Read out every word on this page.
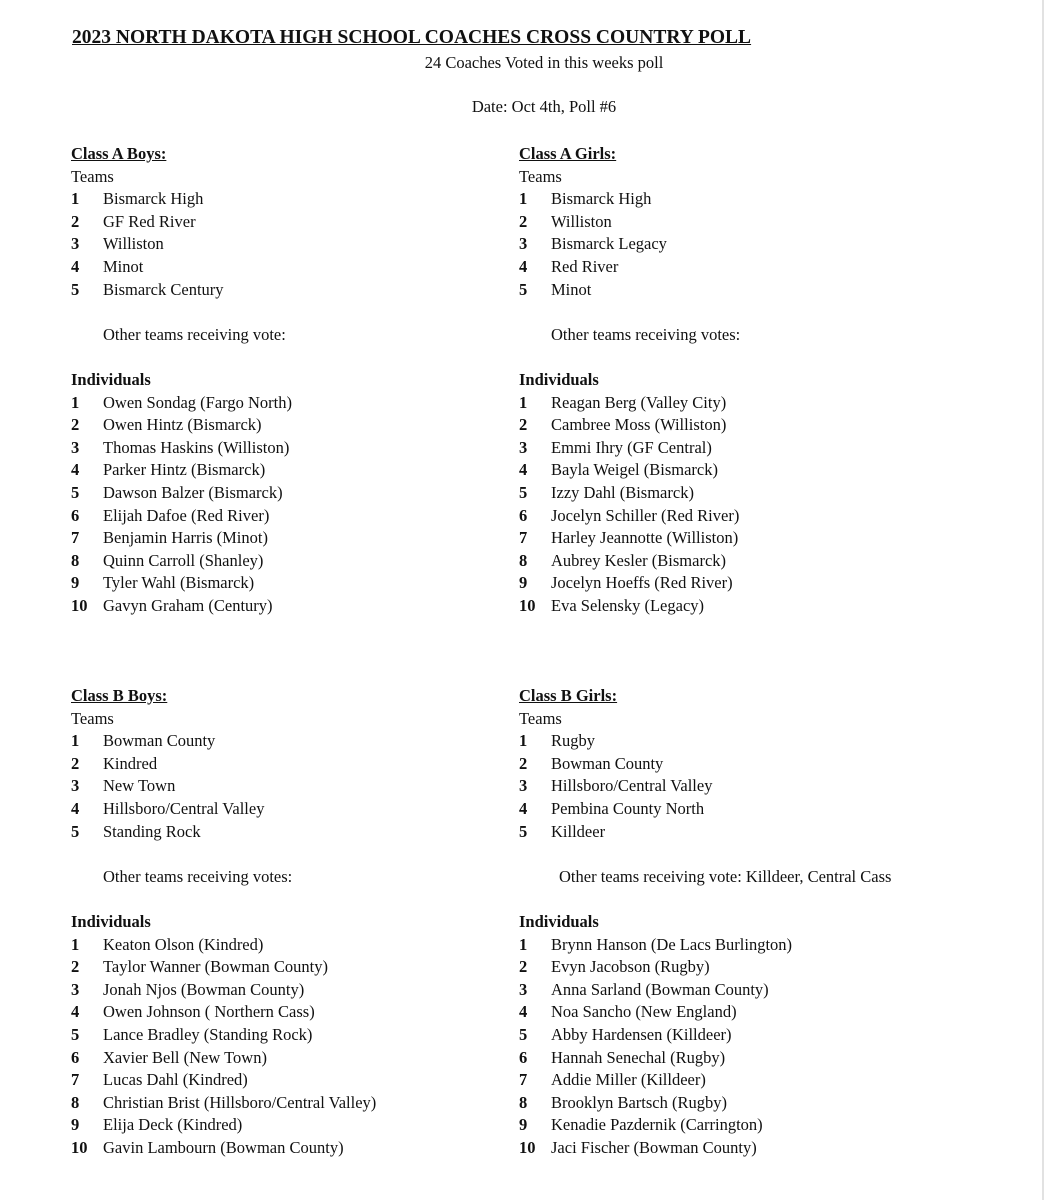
2023 NORTH DAKOTA HIGH SCHOOL COACHES CROSS COUNTRY POLL
24 Coaches Voted in this weeks poll
Date: Oct 4th, Poll #6
Class A Boys:
Teams
1	Bismarck High
2	GF Red River
3	Williston
4	Minot
5	Bismarck Century
Other teams receiving vote:
Individuals
1	Owen Sondag (Fargo North)
2	Owen Hintz (Bismarck)
3	Thomas Haskins (Williston)
4	Parker Hintz (Bismarck)
5	Dawson Balzer (Bismarck)
6	Elijah Dafoe (Red River)
7	Benjamin Harris (Minot)
8	Quinn Carroll (Shanley)
9	Tyler Wahl (Bismarck)
10 Gavyn Graham (Century)
Class A Girls:
Teams
1	Bismarck High
2	Williston
3	Bismarck Legacy
4	Red River
5	Minot
Other teams receiving votes:
Individuals
1	Reagan Berg (Valley City)
2	Cambree Moss (Williston)
3	Emmi Ihry (GF Central)
4	Bayla Weigel (Bismarck)
5	Izzy Dahl (Bismarck)
6	Jocelyn Schiller (Red River)
7	Harley Jeannotte (Williston)
8	Aubrey Kesler (Bismarck)
9	Jocelyn Hoeffs (Red River)
10 Eva Selensky (Legacy)
Class B Boys:
Teams
1	Bowman County
2	Kindred
3	New Town
4	Hillsboro/Central Valley
5	Standing Rock
Other teams receiving votes:
Individuals
1	Keaton Olson (Kindred)
2	Taylor Wanner (Bowman County)
3	Jonah Njos (Bowman County)
4	Owen Johnson ( Northern Cass)
5	Lance Bradley (Standing Rock)
6	Xavier Bell (New Town)
7	Lucas Dahl (Kindred)
8	Christian Brist (Hillsboro/Central Valley)
9	Elija Deck (Kindred)
10 Gavin Lambourn (Bowman County)
Class B Girls:
Teams
1	Rugby
2	Bowman County
3	Hillsboro/Central Valley
4	Pembina County North
5	Killdeer
Other teams receiving vote: Killdeer, Central Cass
Individuals
1	Brynn Hanson (De Lacs Burlington)
2	Evyn Jacobson (Rugby)
3	Anna Sarland (Bowman County)
4	Noa Sancho (New England)
5	Abby Hardensen (Killdeer)
6	Hannah Senechal (Rugby)
7	Addie Miller (Killdeer)
8	Brooklyn Bartsch (Rugby)
9	Kenadie Pazdernik (Carrington)
10 Jaci Fischer (Bowman County)
